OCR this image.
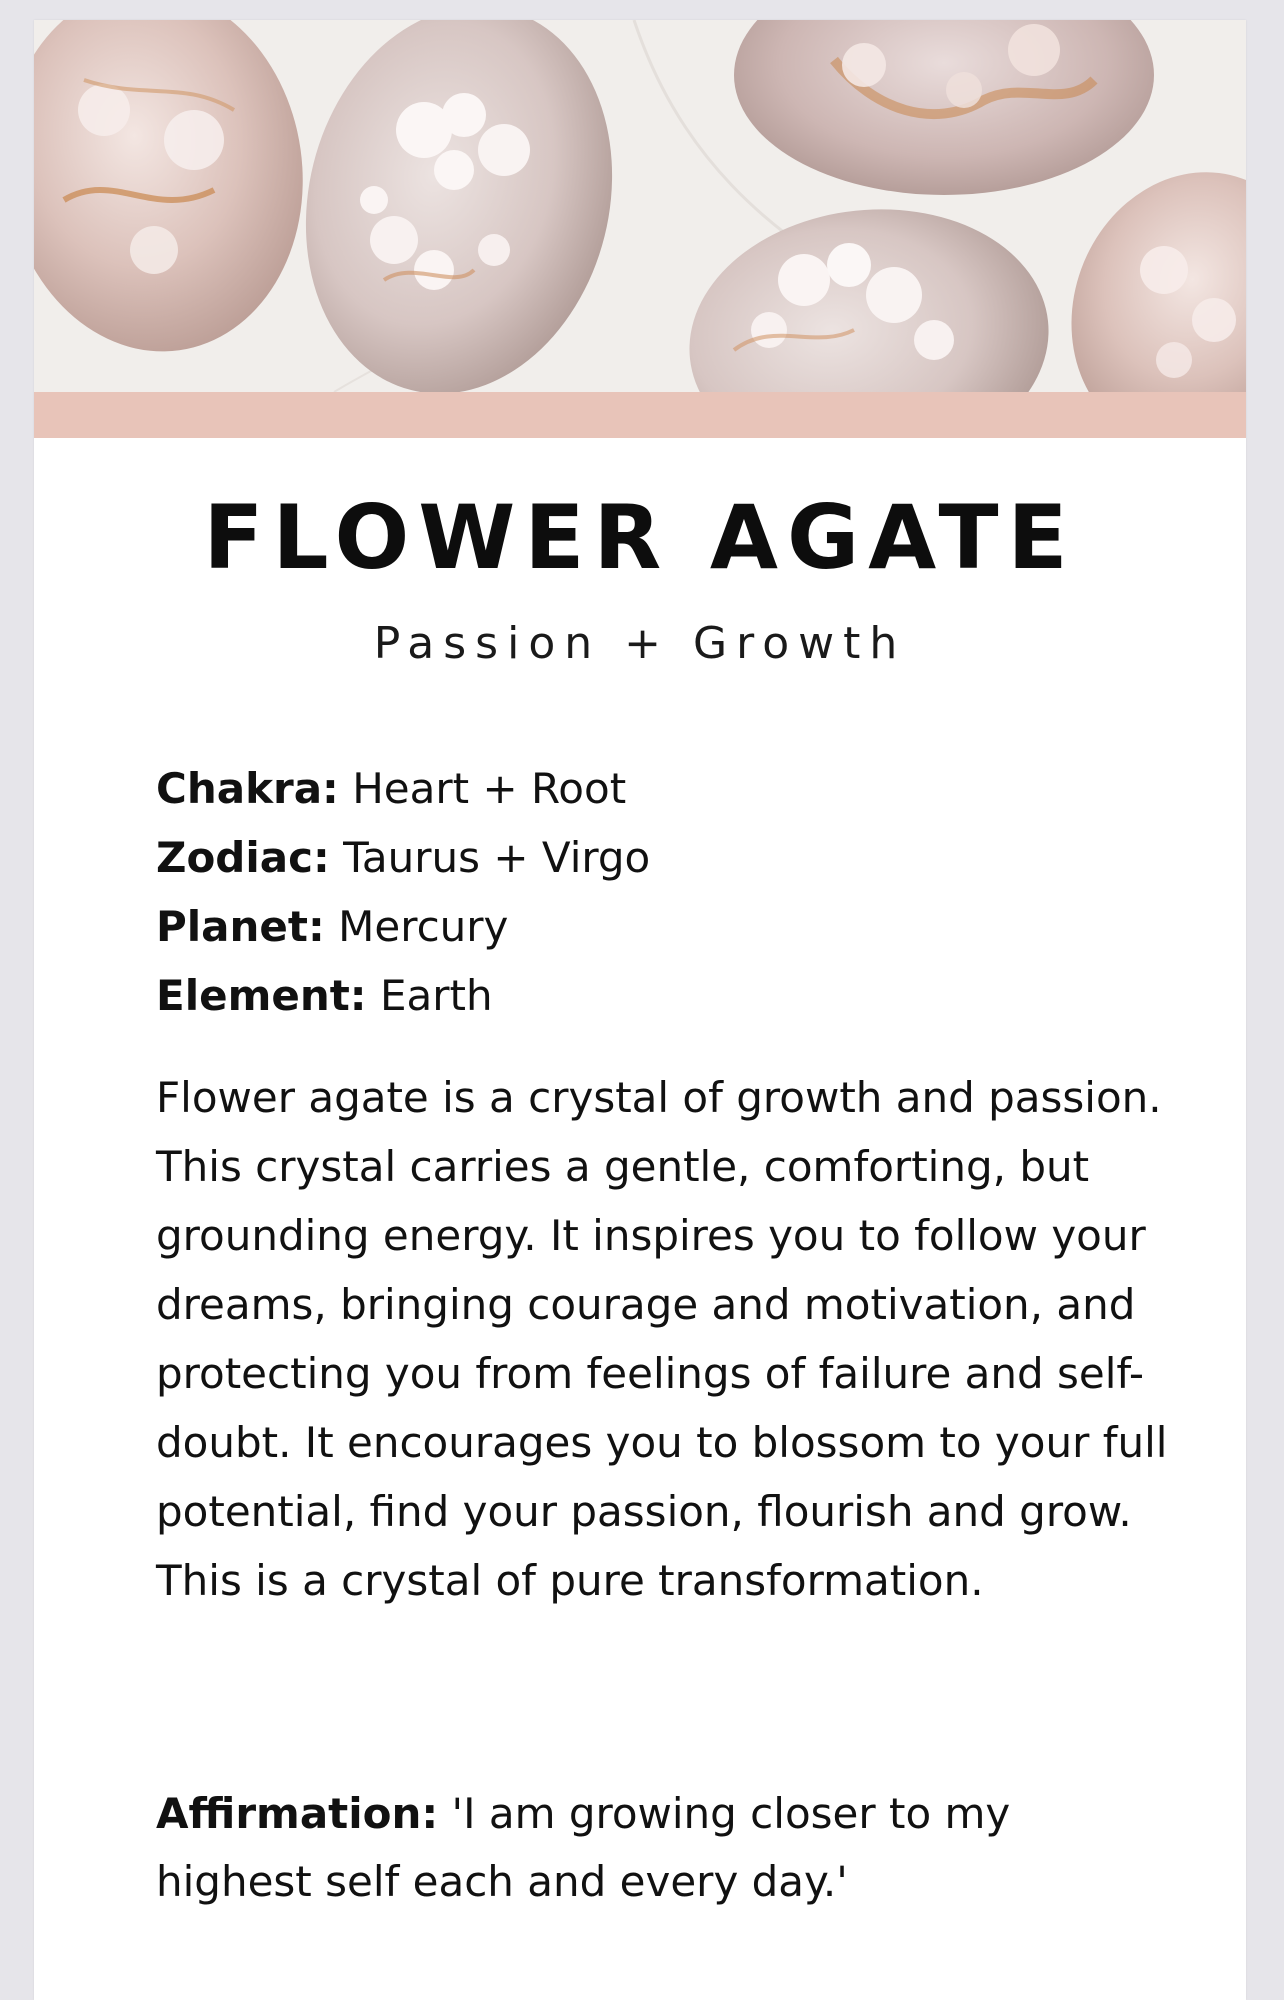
FLOWER AGATE
Passion + Growth
Chakra: Heart + Root
Zodiac: Taurus + Virgo
Planet: Mercury
Element: Earth

Flower agate is a crystal of growth and passion. This crystal carries a gentle, comforting, but grounding energy. It inspires you to follow your dreams, bringing courage and motivation, and protecting you from feelings of failure and self-doubt. It encourages you to blossom to your full potential, find your passion, flourish and grow. This is a crystal of pure transformation.

Affirmation: 'I am growing closer to my highest self each and every day.'
